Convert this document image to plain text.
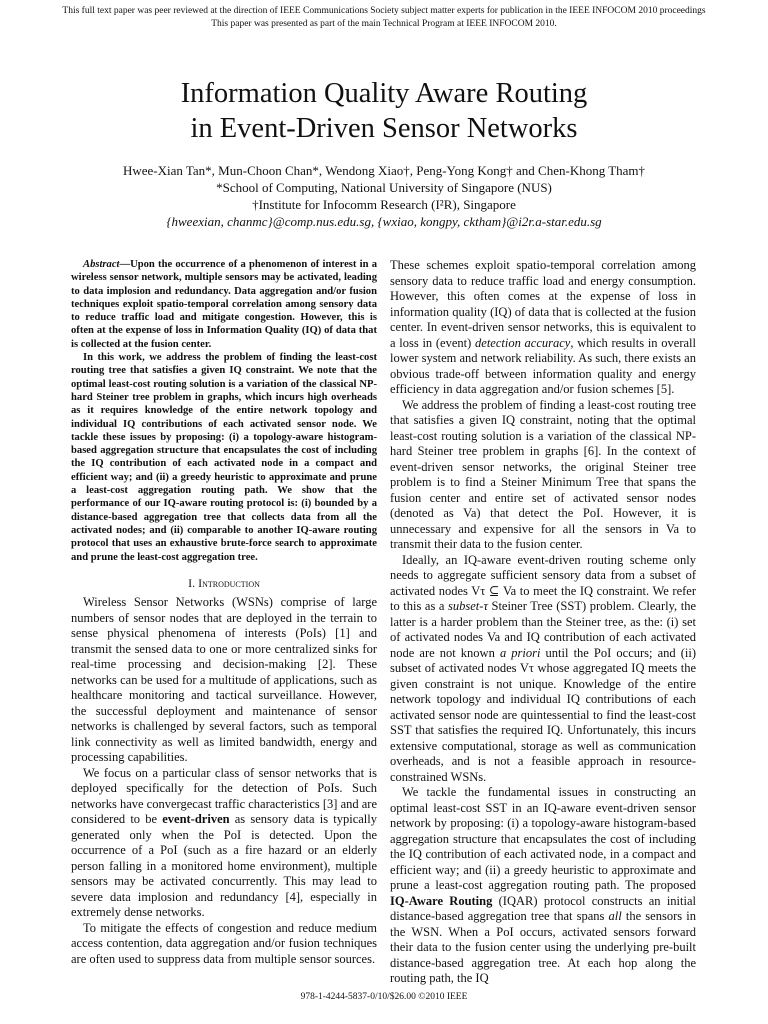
This full text paper was peer reviewed at the direction of IEEE Communications Society subject matter experts for publication in the IEEE INFOCOM 2010 proceedings
This paper was presented as part of the main Technical Program at IEEE INFOCOM 2010.
Information Quality Aware Routing
in Event-Driven Sensor Networks
Hwee-Xian Tan*, Mun-Choon Chan*, Wendong Xiao†, Peng-Yong Kong† and Chen-Khong Tham†
*School of Computing, National University of Singapore (NUS)
†Institute for Infocomm Research (I²R), Singapore
{hweexian, chanmc}@comp.nus.edu.sg, {wxiao, kongpy, cktham}@i2r.a-star.edu.sg

Abstract—Upon the occurrence of a phenomenon of interest in a wireless sensor network, multiple sensors may be activated, leading to data implosion and redundancy. Data aggregation and/or fusion techniques exploit spatio-temporal correlation among sensory data to reduce traffic load and mitigate congestion. However, this is often at the expense of loss in Information Quality (IQ) of data that is collected at the fusion center.

In this work, we address the problem of finding the least-cost routing tree that satisfies a given IQ constraint. We note that the optimal least-cost routing solution is a variation of the classical NP-hard Steiner tree problem in graphs, which incurs high overheads as it requires knowledge of the entire network topology and individual IQ contributions of each activated sensor node. We tackle these issues by proposing: (i) a topology-aware histogram-based aggregation structure that encapsulates the cost of including the IQ contribution of each activated node in a compact and efficient way; and (ii) a greedy heuristic to approximate and prune a least-cost aggregation routing path. We show that the performance of our IQ-aware routing protocol is: (i) bounded by a distance-based aggregation tree that collects data from all the activated nodes; and (ii) comparable to another IQ-aware routing protocol that uses an exhaustive brute-force search to approximate and prune the least-cost aggregation tree.

I. Introduction

Wireless Sensor Networks (WSNs) comprise of large numbers of sensor nodes that are deployed in the terrain to sense physical phenomena of interests (PoIs) [1] and transmit the sensed data to one or more centralized sinks for real-time processing and decision-making [2]. These networks can be used for a multitude of applications, such as healthcare monitoring and tactical surveillance. However, the successful deployment and maintenance of sensor networks is challenged by several factors, such as temporal link connectivity as well as limited bandwidth, energy and processing capabilities.

We focus on a particular class of sensor networks that is deployed specifically for the detection of PoIs. Such networks have convergecast traffic characteristics [3] and are considered to be event-driven as sensory data is typically generated only when the PoI is detected. Upon the occurrence of a PoI (such as a fire hazard or an elderly person falling in a monitored home environment), multiple sensors may be activated concurrently. This may lead to severe data implosion and redundancy [4], especially in extremely dense networks.

To mitigate the effects of congestion and reduce medium access contention, data aggregation and/or fusion techniques are often used to suppress data from multiple sensor sources.

These schemes exploit spatio-temporal correlation among sensory data to reduce traffic load and energy consumption. However, this often comes at the expense of loss in information quality (IQ) of data that is collected at the fusion center. In event-driven sensor networks, this is equivalent to a loss in (event) detection accuracy, which results in overall lower system and network reliability. As such, there exists an obvious trade-off between information quality and energy efficiency in data aggregation and/or fusion schemes [5].

We address the problem of finding a least-cost routing tree that satisfies a given IQ constraint, noting that the optimal least-cost routing solution is a variation of the classical NP-hard Steiner tree problem in graphs [6]. In the context of event-driven sensor networks, the original Steiner tree problem is to find a Steiner Minimum Tree that spans the fusion center and entire set of activated sensor nodes (denoted as Va) that detect the PoI. However, it is unnecessary and expensive for all the sensors in Va to transmit their data to the fusion center.

Ideally, an IQ-aware event-driven routing scheme only needs to aggregate sufficient sensory data from a subset of activated nodes Vτ ⊆ Va to meet the IQ constraint. We refer to this as a subset-τ Steiner Tree (SST) problem. Clearly, the latter is a harder problem than the Steiner tree, as the: (i) set of activated nodes Va and IQ contribution of each activated node are not known a priori until the PoI occurs; and (ii) subset of activated nodes Vτ whose aggregated IQ meets the given constraint is not unique. Knowledge of the entire network topology and individual IQ contributions of each activated sensor node are quintessential to find the least-cost SST that satisfies the required IQ. Unfortunately, this incurs extensive computational, storage as well as communication overheads, and is not a feasible approach in resource-constrained WSNs.

We tackle the fundamental issues in constructing an optimal least-cost SST in an IQ-aware event-driven sensor network by proposing: (i) a topology-aware histogram-based aggregation structure that encapsulates the cost of including the IQ contribution of each activated node, in a compact and efficient way; and (ii) a greedy heuristic to approximate and prune a least-cost aggregation routing path. The proposed IQ-Aware Routing (IQAR) protocol constructs an initial distance-based aggregation tree that spans all the sensors in the WSN. When a PoI occurs, activated sensors forward their data to the fusion center using the underlying pre-built distance-based aggregation tree. At each hop along the routing path, the IQ

978-1-4244-5837-0/10/$26.00 ©2010 IEEE
